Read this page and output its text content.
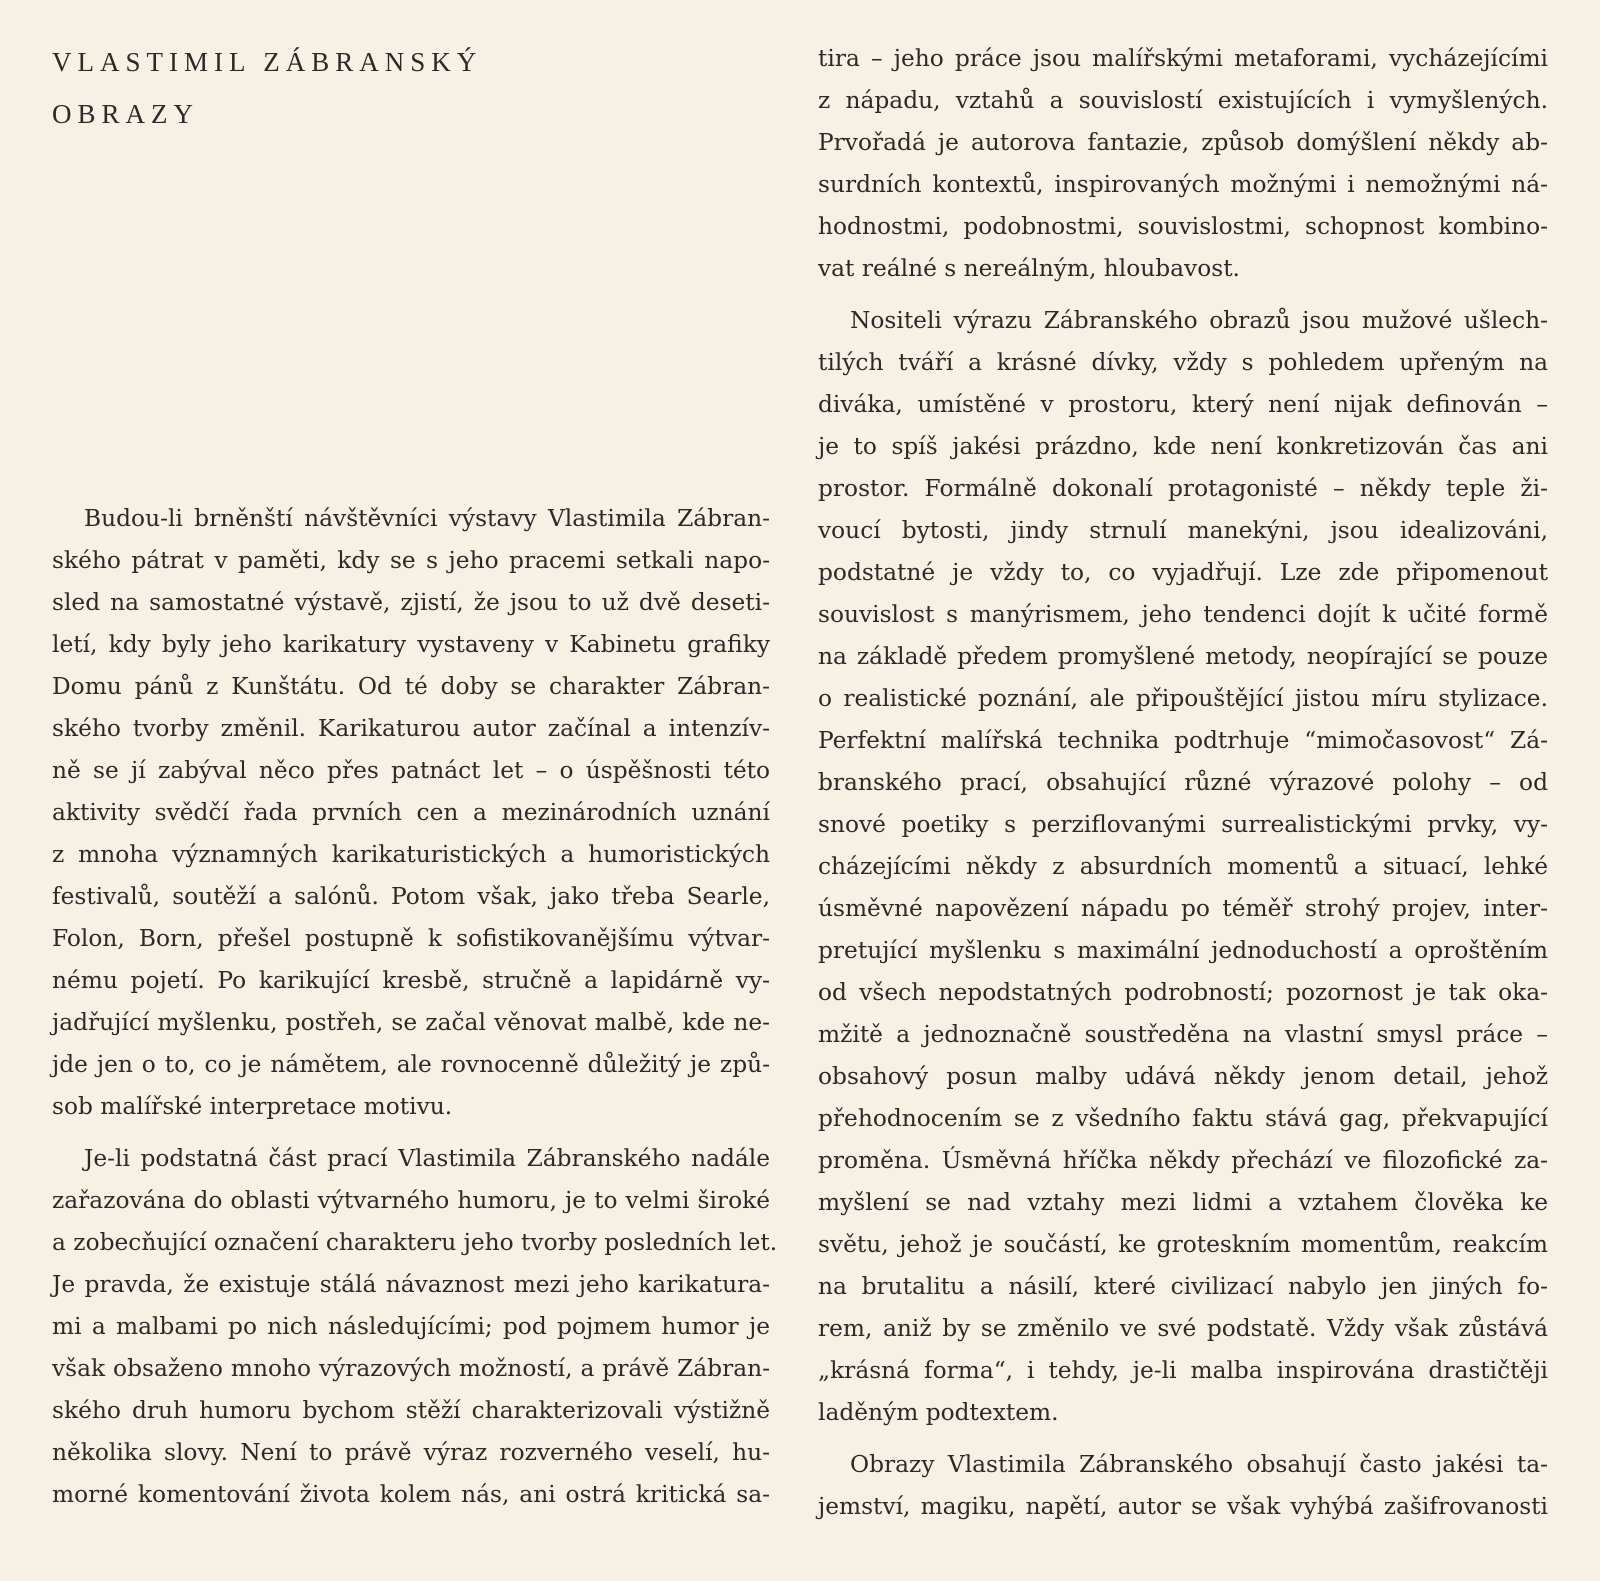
VLASTIMIL ZÁBRANSKÝ
OBRAZY

Budou-li brněnští návštěvníci výstavy Vlastimila Zábran-

ského pátrat v paměti, kdy se s jeho pracemi setkali napo-

sled na samostatné výstavě, zjistí, že jsou to už dvě deseti-

letí, kdy byly jeho karikatury vystaveny v Kabinetu grafiky

Domu pánů z Kunštátu. Od té doby se charakter Zábran-

ského tvorby změnil. Karikaturou autor začínal a intenzív-

ně se jí zabýval něco přes patnáct let – o úspěšnosti této

aktivity svědčí řada prvních cen a mezinárodních uznání

z mnoha významných karikaturistických a humoristických

festivalů, soutěží a salónů. Potom však, jako třeba Searle,

Folon, Born, přešel postupně k sofistikovanějšímu výtvar-

nému pojetí. Po karikující kresbě, stručně a lapidárně vy-

jadřující myšlenku, postřeh, se začal věnovat malbě, kde ne-

jde jen o to, co je námětem, ale rovnocenně důležitý je způ-

sob malířské interpretace motivu.

Je-li podstatná část prací Vlastimila Zábranského nadále

zařazována do oblasti výtvarného humoru, je to velmi široké

a zobecňující označení charakteru jeho tvorby posledních let.

Je pravda, že existuje stálá návaznost mezi jeho karikatura-

mi a malbami po nich následujícími; pod pojmem humor je

však obsaženo mnoho výrazových možností, a právě Zábran-

ského druh humoru bychom stěží charakterizovali výstižně

několika slovy. Není to právě výraz rozverného veselí, hu-

morné komentování života kolem nás, ani ostrá kritická sa-

tira – jeho práce jsou malířskými metaforami, vycházejícími

z nápadu, vztahů a souvislostí existujících i vymyšlených.

Prvořadá je autorova fantazie, způsob domýšlení někdy ab-

surdních kontextů, inspirovaných možnými i nemožnými ná-

hodnostmi, podobnostmi, souvislostmi, schopnost kombino-

vat reálné s nereálným, hloubavost.

Nositeli výrazu Zábranského obrazů jsou mužové ušlech-

tilých tváří a krásné dívky, vždy s pohledem upřeným na

diváka, umístěné v prostoru, který není nijak definován –

je to spíš jakési prázdno, kde není konkretizován čas ani

prostor. Formálně dokonalí protagonisté – někdy teple ži-

voucí bytosti, jindy strnulí manekýni, jsou idealizováni,

podstatné je vždy to, co vyjadřují. Lze zde připomenout

souvislost s manýrismem, jeho tendenci dojít k učité formě

na základě předem promyšlené metody, neopírající se pouze

o realistické poznání, ale připouštějící jistou míru stylizace.

Perfektní malířská technika podtrhuje “mimočasovost“ Zá-

branského prací, obsahující různé výrazové polohy – od

snové poetiky s perziflovanými surrealistickými prvky, vy-

cházejícími někdy z absurdních momentů a situací, lehké

úsměvné napovězení nápadu po téměř strohý projev, inter-

pretující myšlenku s maximální jednoduchostí a oproštěním

od všech nepodstatných podrobností; pozornost je tak oka-

mžitě a jednoznačně soustředěna na vlastní smysl práce –

obsahový posun malby udává někdy jenom detail, jehož

přehodnocením se z všedního faktu stává gag, překvapující

proměna. Úsměvná hříčka někdy přechází ve filozofické za-

myšlení se nad vztahy mezi lidmi a vztahem člověka ke

světu, jehož je součástí, ke groteskním momentům, reakcím

na brutalitu a násilí, které civilizací nabylo jen jiných fo-

rem, aniž by se změnilo ve své podstatě. Vždy však zůstává

„krásná forma“, i tehdy, je-li malba inspirována drastičtěji

laděným podtextem.

Obrazy Vlastimila Zábranského obsahují často jakési ta-

jemství, magiku, napětí, autor se však vyhýbá zašifrovanosti
